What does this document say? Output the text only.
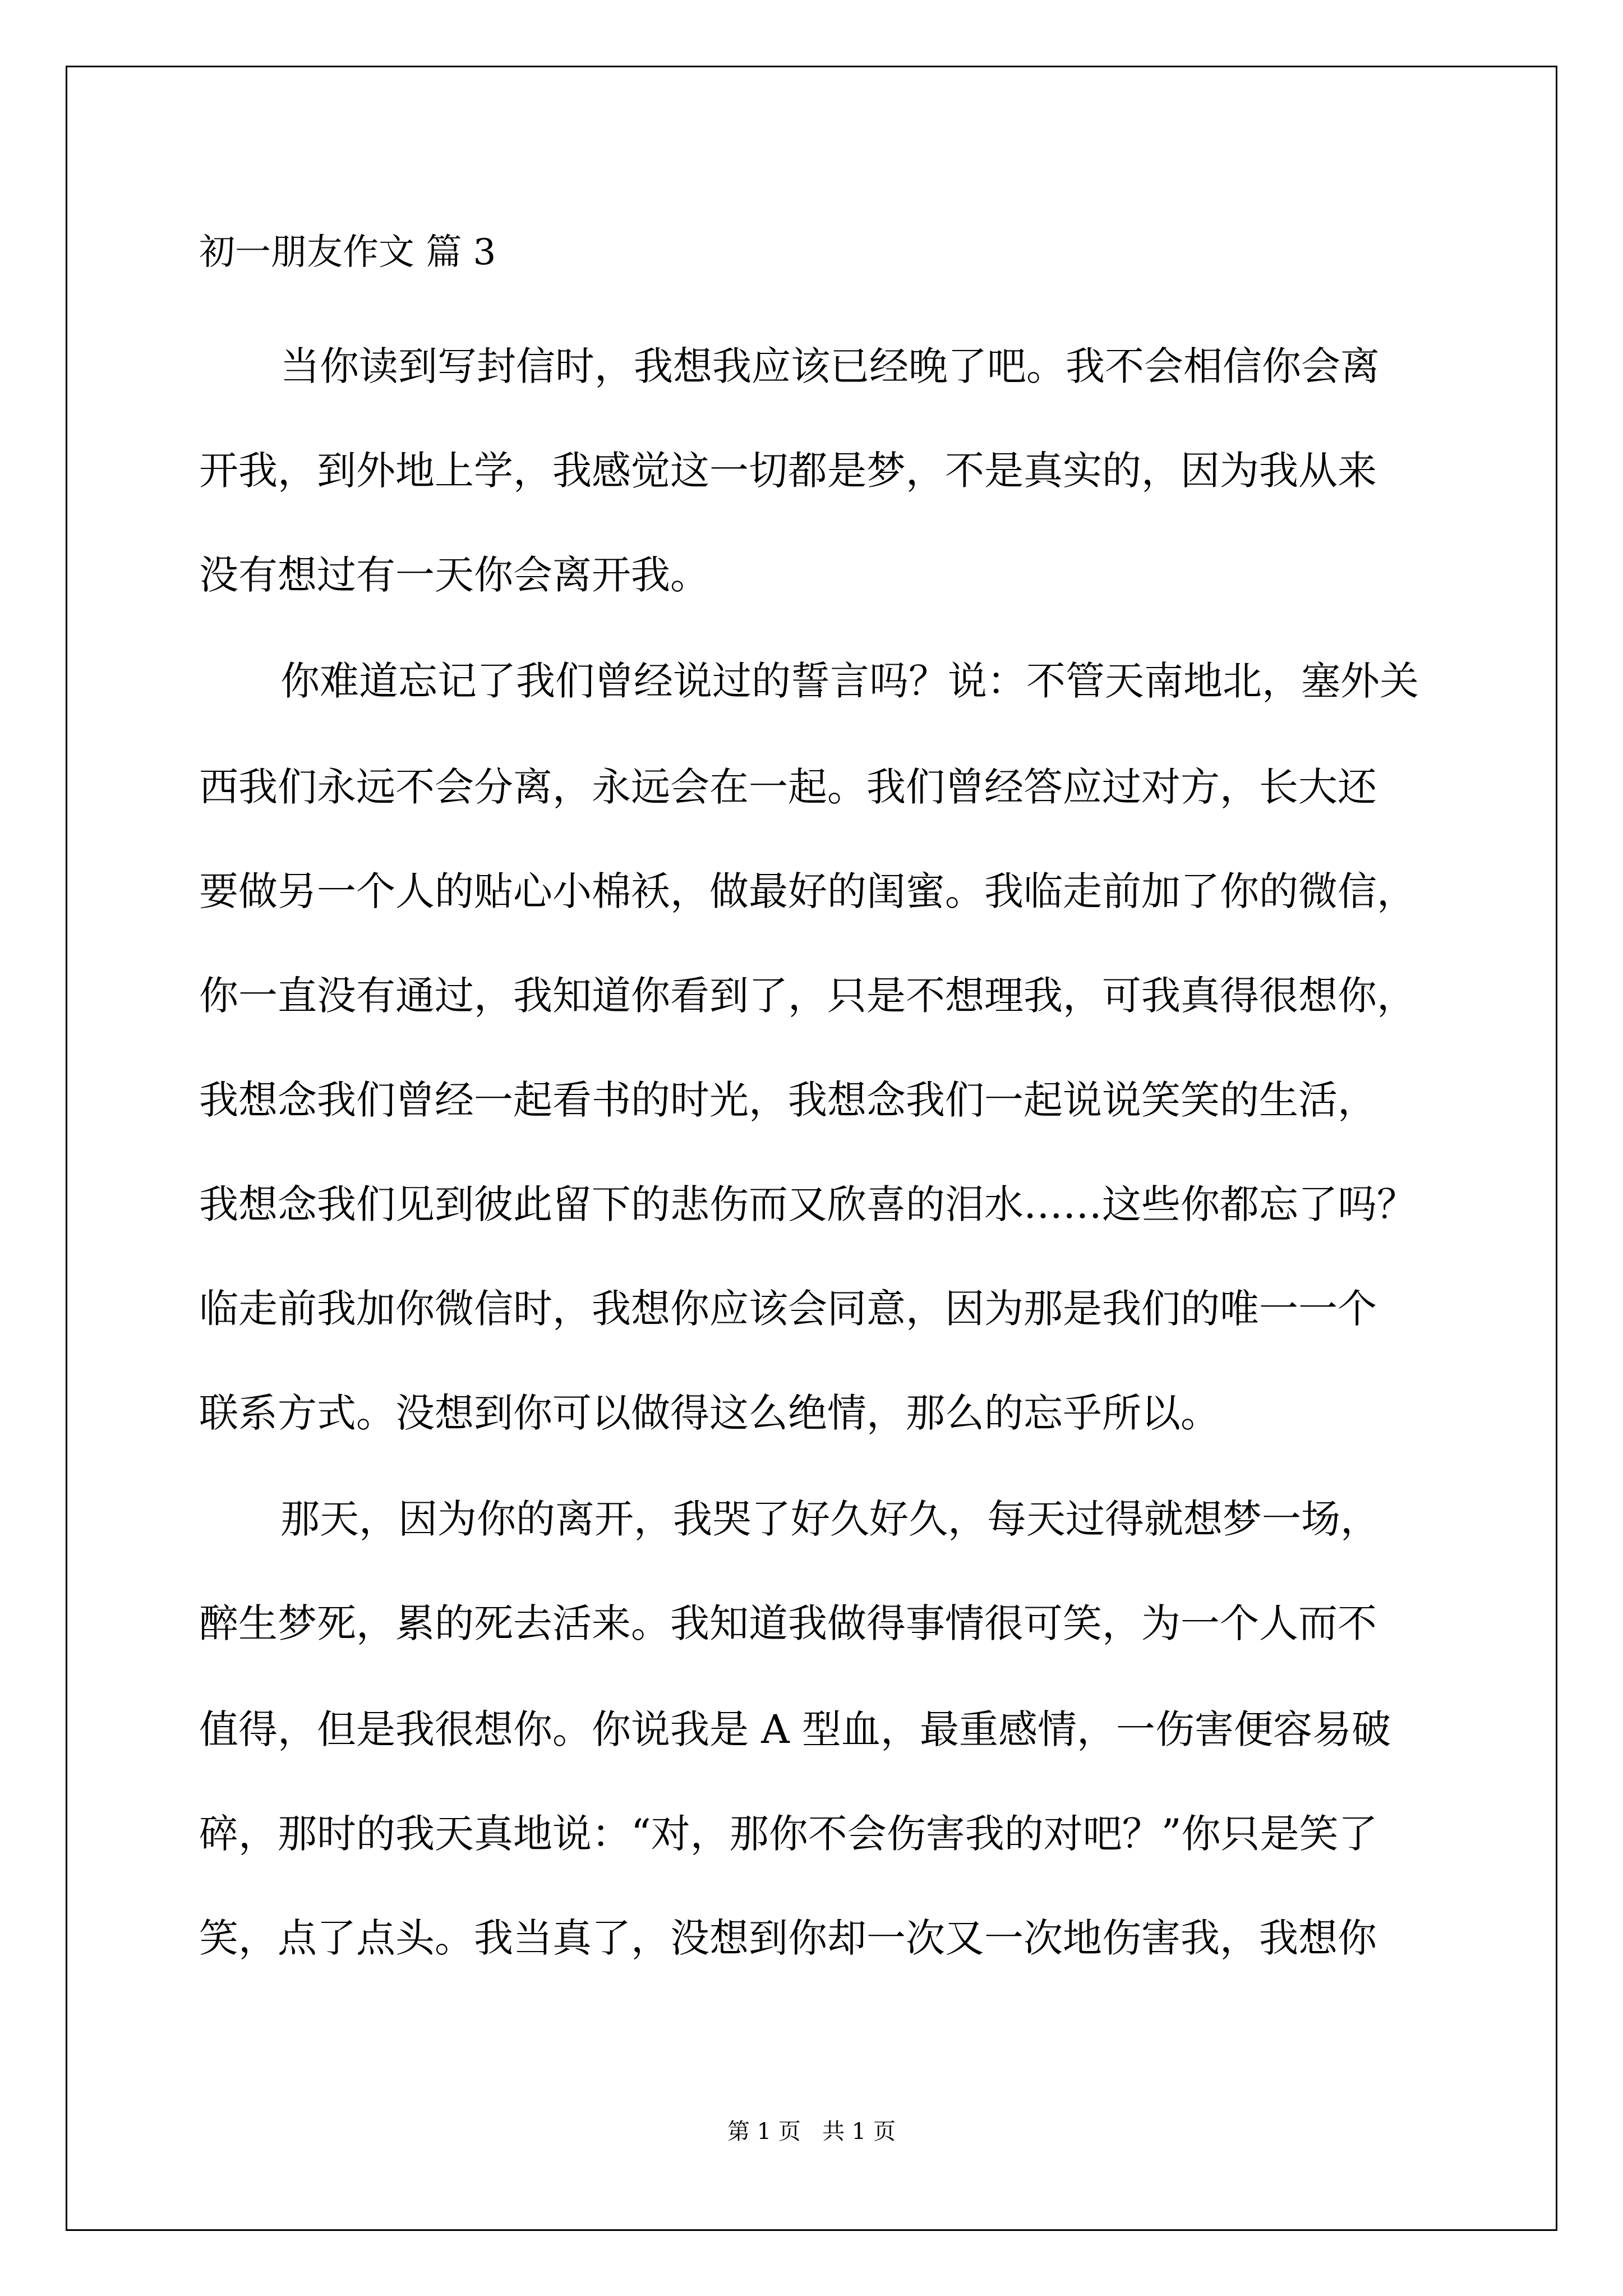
初一朋友作文 篇 3
当你读到写封信时，我想我应该已经晚了吧。我不会相信你会离
开我，到外地上学，我感觉这一切都是梦，不是真实的，因为我从来
没有想过有一天你会离开我。
你难道忘记了我们曾经说过的誓言吗？说：不管天南地北，塞外关
西我们永远不会分离，永远会在一起。我们曾经答应过对方，长大还
要做另一个人的贴心小棉袄，做最好的闺蜜。我临走前加了你的微信，
你一直没有通过，我知道你看到了，只是不想理我，可我真得很想你，
我想念我们曾经一起看书的时光，我想念我们一起说说笑笑的生活，
我想念我们见到彼此留下的悲伤而又欣喜的泪水……这些你都忘了吗？
临走前我加你微信时，我想你应该会同意，因为那是我们的唯一一个
联系方式。没想到你可以做得这么绝情，那么的忘乎所以。
那天，因为你的离开，我哭了好久好久，每天过得就想梦一场，
醉生梦死，累的死去活来。我知道我做得事情很可笑，为一个人而不
值得，但是我很想你。你说我是 A 型血，最重感情，一伤害便容易破
碎，那时的我天真地说：“对，那你不会伤害我的对吧？”你只是笑了
笑，点了点头。我当真了，没想到你却一次又一次地伤害我，我想你
第 1 页   共 1 页
